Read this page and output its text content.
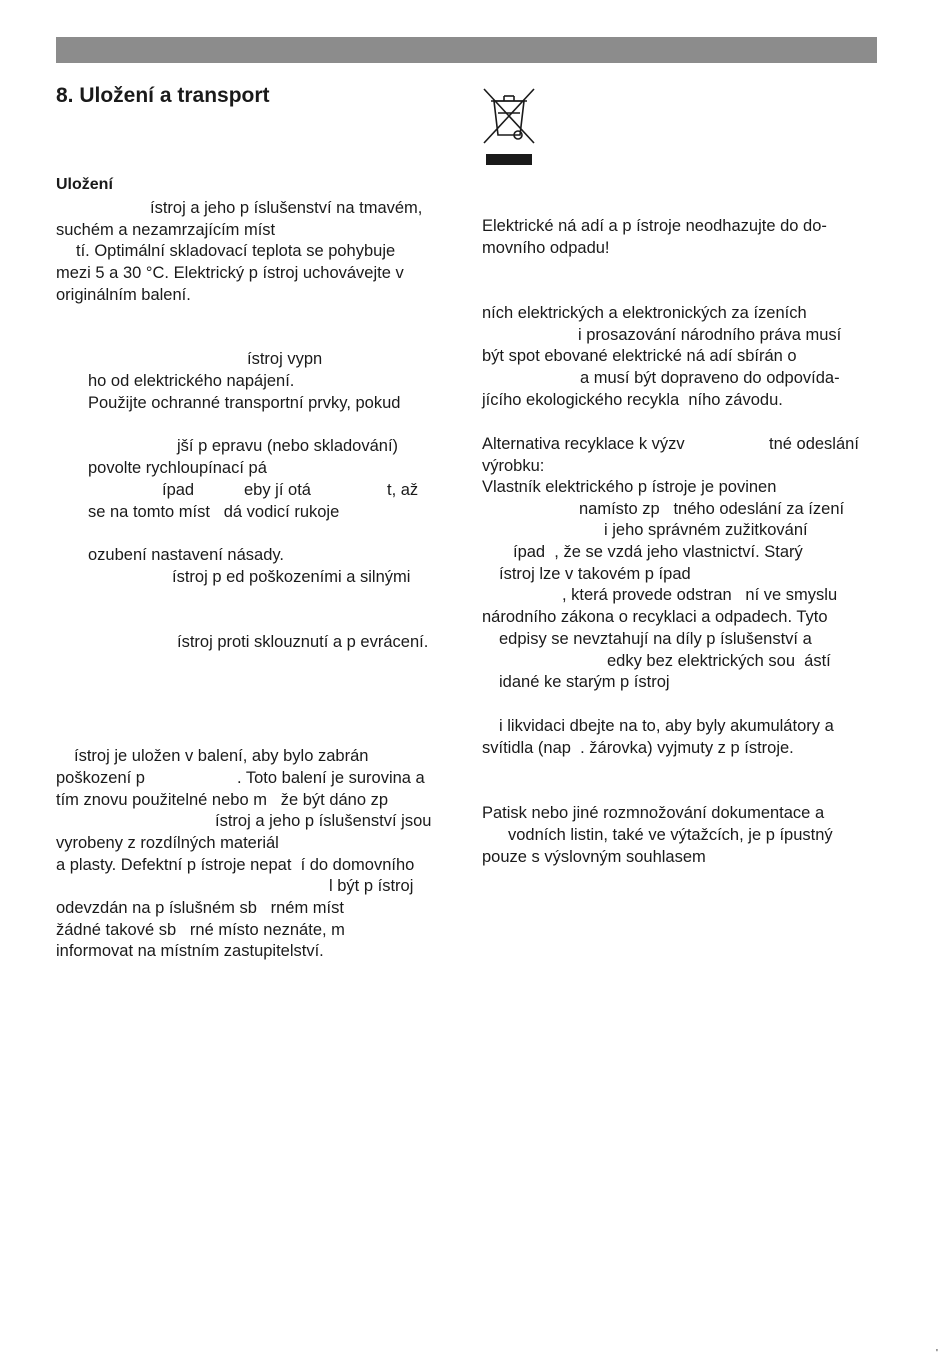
8. Uložení a transport
Uložení

ístroj a jeho p íslušenství na tmavém,

suchém a nezamrzajícím míst

tí. Optimální skladovací teplota se pohybuje

mezi 5 a 30 °C. Elektrický p ístroj uchovávejte v

originálním balení.

ístroj vypn

ho od elektrického napájení.

Použijte ochranné transportní prvky, pokud

jší p epravu (nebo skladování)

povolte rychloupínací pá

ípad	eby jí otá	t, až

se na tomto míst   dá vodicí rukoje

ozubení nastavení násady.

ístroj p ed poškozeními a silnými

ístroj proti sklouznutí a p evrácení.

ístroj je uložen v balení, aby bylo zabrán

poškození p	. Toto balení je surovina a

tím znovu použitelné nebo m   že být dáno zp

ístroj a jeho p íslušenství jsou

vyrobeny z rozdílných materiál

a plasty. Defektní p ístroje nepat  í do domovního

l být p ístroj

odevzdán na p íslušném sb   rném míst

žádné takové sb   rné místo neznáte, m

informovat na místním zastupitelství.

Elektrické ná adí a p ístroje neodhazujte do do-

movního odpadu!

ních elektrických a elektronických za ízeních

i prosazování národního práva musí

být spot ebované elektrické ná adí sbírán o

a musí být dopraveno do odpovída-

jícího ekologického recykla  ního závodu.

Alternativa recyklace k výzv	tné odeslání

výrobku:

Vlastník elektrického p ístroje je povinen

namísto zp   tného odeslání za ízení

i jeho správném zužitkování

ípad  , že se vzdá jeho vlastnictví. Starý

ístroj lze v takovém p ípad

, která provede odstran   ní ve smyslu

národního zákona o recyklaci a odpadech. Tyto

edpisy se nevztahují na díly p íslušenství a

edky bez elektrických sou  ástí

idané ke starým p ístroj

i likvidaci dbejte na to, aby byly akumulátory a

svítidla (nap  . žárovka) vyjmuty z p ístroje.

Patisk nebo jiné rozmnožování dokumentace a

vodních listin, také ve výtažcích, je p ípustný

pouze s výslovným souhlasem

'
